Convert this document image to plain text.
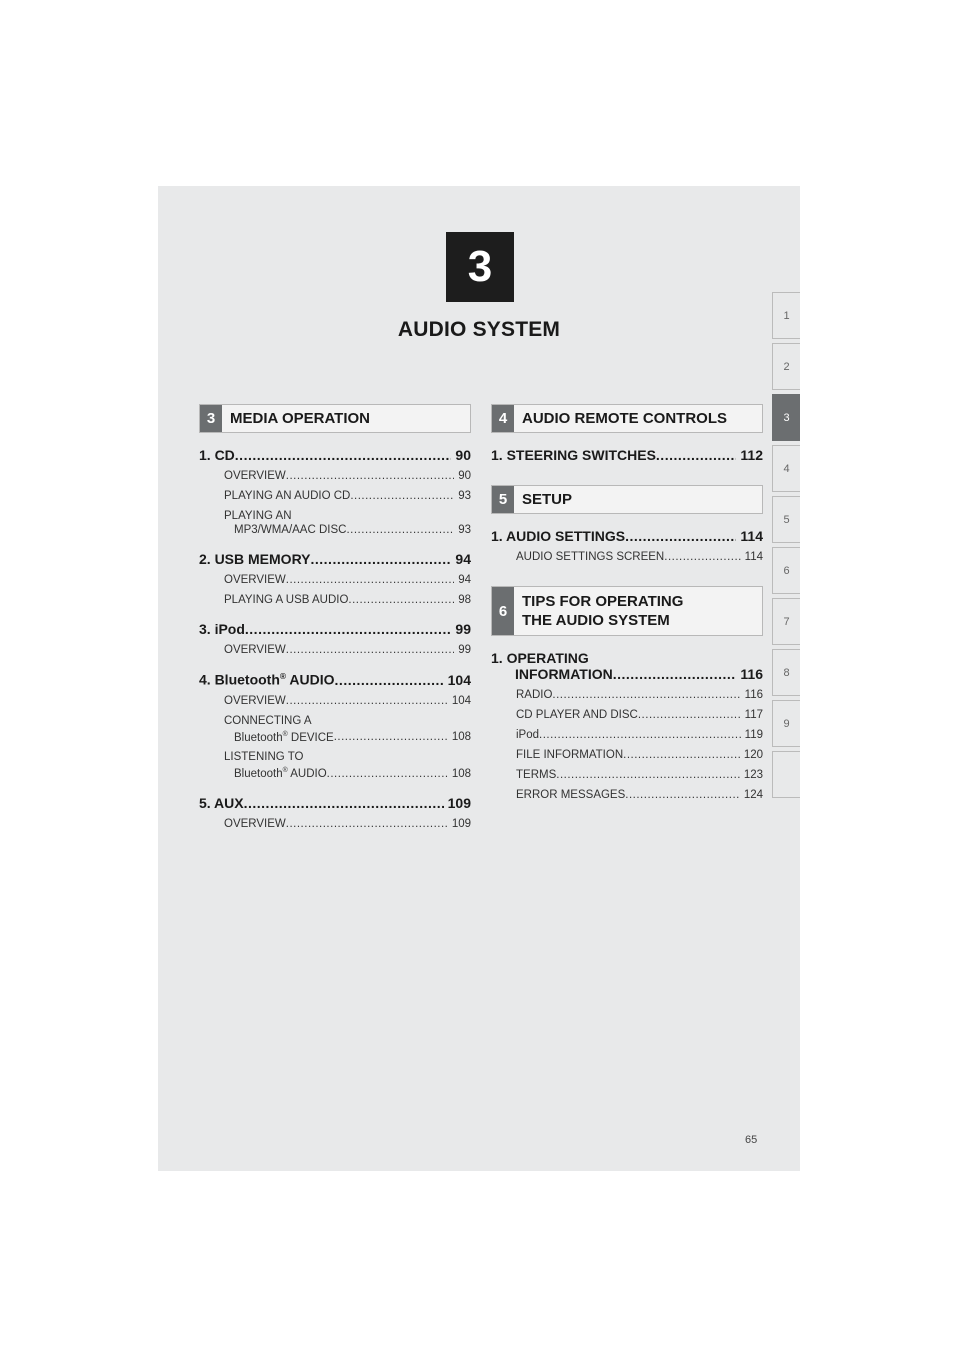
3
AUDIO SYSTEM
1
2
3
4
5
6
7
8
9
3 MEDIA OPERATION
1. CD .....	90
OVERVIEW .....	90
PLAYING AN AUDIO CD .....	93
PLAYING AN
MP3/WMA/AAC DISC .....	93
2. USB MEMORY .....	94
OVERVIEW .....	94
PLAYING A USB AUDIO .....	98
3. iPod .....	99
OVERVIEW .....	99
4. Bluetooth® AUDIO .....	104
OVERVIEW .....	104
CONNECTING A
Bluetooth® DEVICE .....	108
LISTENING TO
Bluetooth® AUDIO .....	108
5. AUX .....	109
OVERVIEW .....	109
4 AUDIO REMOTE CONTROLS
1. STEERING SWITCHES .....	112
5 SETUP
1. AUDIO SETTINGS .....	114
AUDIO SETTINGS SCREEN .....	114
6
TIPS FOR OPERATING
THE AUDIO SYSTEM
1. OPERATING
INFORMATION .....	116
RADIO .....	116
CD PLAYER AND DISC .....	117
iPod .....	119
FILE INFORMATION .....	120
TERMS .....	123
ERROR MESSAGES .....	124
65
